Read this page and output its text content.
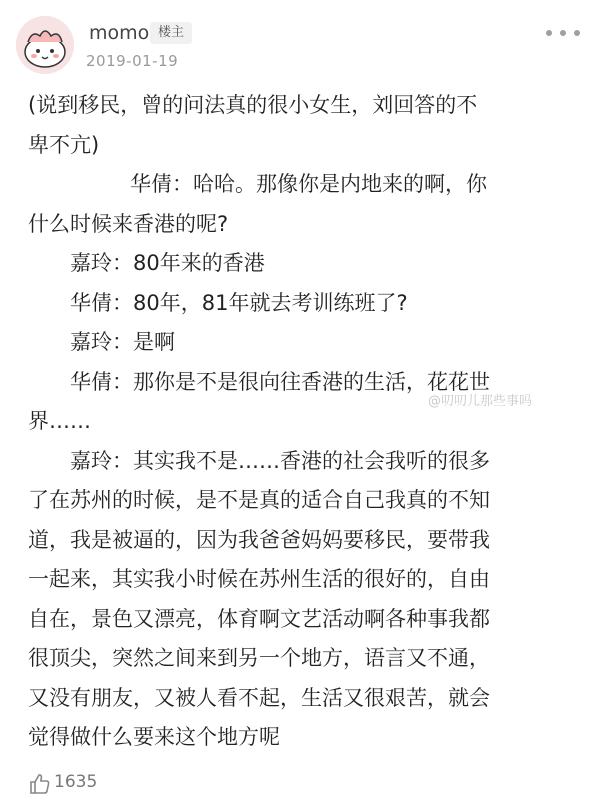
momo 楼主
2019-01-19
(说到移民，曾的问法真的很小女生，刘回答的不
卑不亢)
华倩：哈哈。那像你是内地来的啊，你
什么时候来香港的呢?
嘉玲：80年来的香港
华倩：80年，81年就去考训练班了?
嘉玲：是啊
华倩：那你是不是很向往香港的生活，花花世
界……
嘉玲：其实我不是……香港的社会我听的很多
了在苏州的时候，是不是真的适合自己我真的不知
道，我是被逼的，因为我爸爸妈妈要移民，要带我
一起来，其实我小时候在苏州生活的很好的，自由
自在，景色又漂亮，体育啊文艺活动啊各种事我都
很顶尖，突然之间来到另一个地方，语言又不通，
又没有朋友，又被人看不起，生活又很艰苦，就会
觉得做什么要来这个地方呢
@叨叨儿那些事吗
1635
